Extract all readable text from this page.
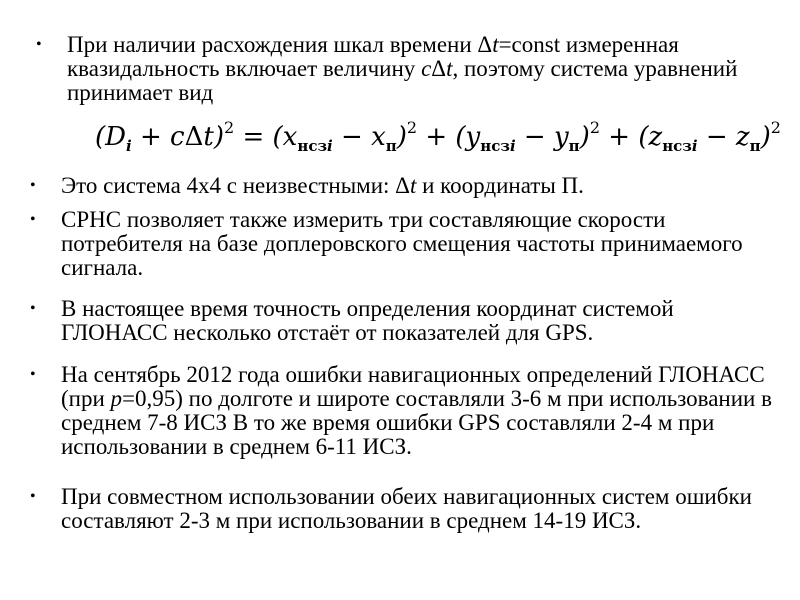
• При наличии расхождения шкал времени Δt=const измеренная квазидальность включает величину cΔt, поэтому система уравнений принимает вид
$(D_i + c\Delta t)^2 = (x_{нсзi} - x_п)^2 + (y_{нсзi} - y_п)^2 + (z_{нсзi} - z_п)^2$
• Это система 4х4 с неизвестными: Δt и координаты П.
• СРНС позволяет также измерить три составляющие скорости потребителя на базе доплеровского смещения частоты принимаемого сигнала.
• В настоящее время точность определения координат системой ГЛОНАСС несколько отстаёт от показателей для GPS.
• На сентябрь 2012 года ошибки навигационных определений ГЛОНАСС (при p=0,95) по долготе и широте составляли 3-6 м при использовании в среднем 7-8 ИСЗ В то же время ошибки GPS составляли 2-4 м при использовании в среднем 6-11 ИСЗ.
• При совместном использовании обеих навигационных систем ошибки составляют 2-3 м при использовании в среднем 14-19 ИСЗ.
